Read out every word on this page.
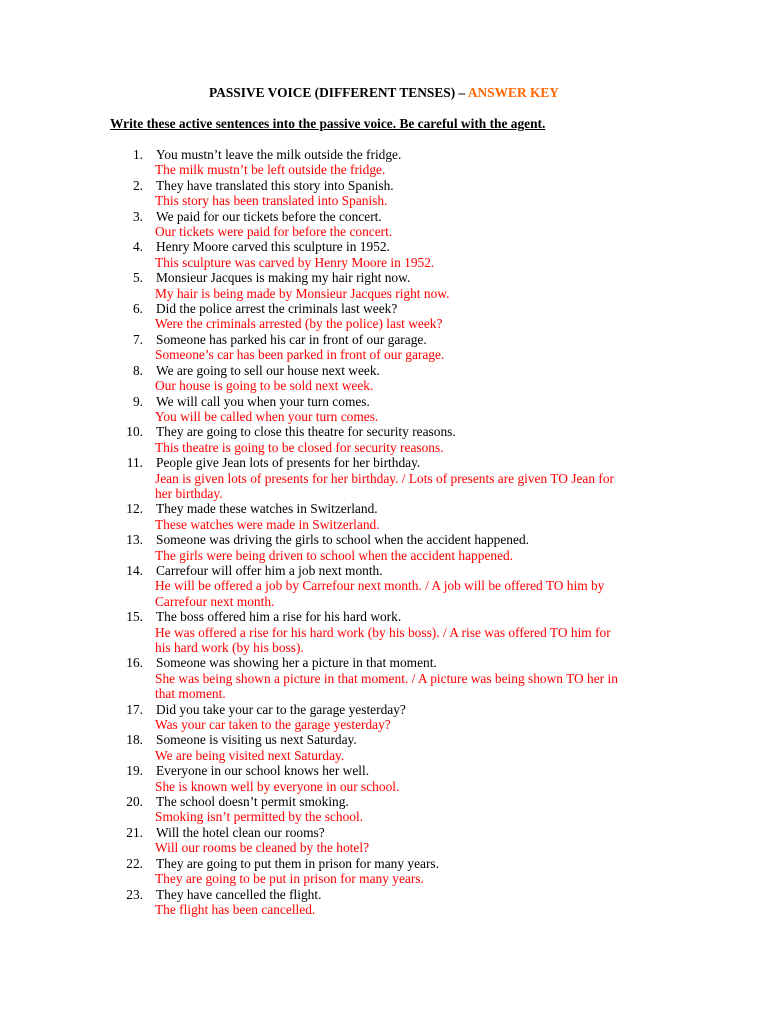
PASSIVE VOICE (DIFFERENT TENSES) – ANSWER KEY
Write these active sentences into the passive voice. Be careful with the agent.
1. You mustn’t leave the milk outside the fridge.
The milk mustn’t be left outside the fridge.
2. They have translated this story into Spanish.
This story has been translated into Spanish.
3. We paid for our tickets before the concert.
Our tickets were paid for before the concert.
4. Henry Moore carved this sculpture in 1952.
This sculpture was carved by Henry Moore in 1952.
5. Monsieur Jacques is making my hair right now.
My hair is being made by Monsieur Jacques right now.
6. Did the police arrest the criminals last week?
Were the criminals arrested (by the police) last week?
7. Someone has parked his car in front of our garage.
Someone’s car has been parked in front of our garage.
8. We are going to sell our house next week.
Our house is going to be sold next week.
9. We will call you when your turn comes.
You will be called when your turn comes.
10. They are going to close this theatre for security reasons.
This theatre is going to be closed for security reasons.
11. People give Jean lots of presents for her birthday.
Jean is given lots of presents for her birthday. / Lots of presents are given TO Jean for her birthday.
12. They made these watches in Switzerland.
These watches were made in Switzerland.
13. Someone was driving the girls to school when the accident happened.
The girls were being driven to school when the accident happened.
14. Carrefour will offer him a job next month.
He will be offered a job by Carrefour next month. / A job will be offered TO him by Carrefour next month.
15. The boss offered him a rise for his hard work.
He was offered a rise for his hard work (by his boss). / A rise was offered TO him for his hard work (by his boss).
16. Someone was showing her a picture in that moment.
She was being shown a picture in that moment. / A picture was being shown TO her in that moment.
17. Did you take your car to the garage yesterday?
Was your car taken to the garage yesterday?
18. Someone is visiting us next Saturday.
We are being visited next Saturday.
19. Everyone in our school knows her well.
She is known well by everyone in our school.
20. The school doesn’t permit smoking.
Smoking isn’t permitted by the school.
21. Will the hotel clean our rooms?
Will our rooms be cleaned by the hotel?
22. They are going to put them in prison for many years.
They are going to be put in prison for many years.
23. They have cancelled the flight.
The flight has been cancelled.
